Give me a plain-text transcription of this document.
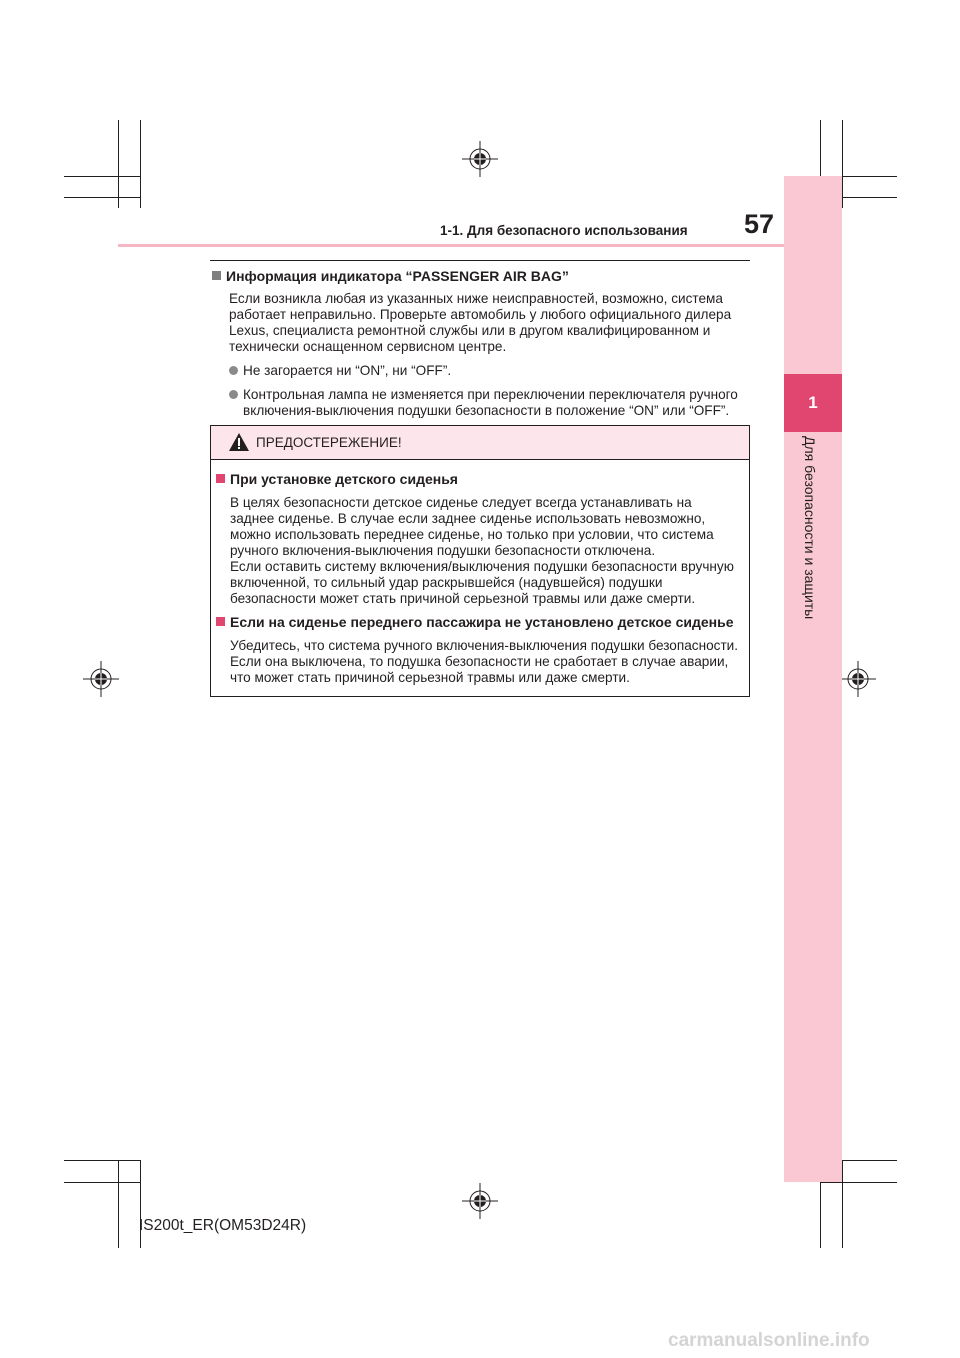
1
Для безопасности и защиты
1-1. Для безопасного использования 57
Информация индикатора “PASSENGER AIR BAG”
Если возникла любая из указанных ниже неисправностей, возможно, система
работает неправильно. Проверьте автомобиль у любого официального дилера
Lexus, специалиста ремонтной службы или в другом квалифицированном и
технически оснащенном сервисном центре.
Не загорается ни “ON”, ни “OFF”.
Контрольная лампа не изменяется при переключении переключателя ручного
включения-выключения подушки безопасности в положение “ON” или “OFF”.
ПРЕДОСТЕРЕЖЕНИЕ!
При установке детского сиденья
В целях безопасности детское сиденье следует всегда устанавливать на
заднее сиденье. В случае если заднее сиденье использовать невозможно,
можно использовать переднее сиденье, но только при условии, что система
ручного включения-выключения подушки безопасности отключена.
Если оставить систему включения/выключения подушки безопасности вручную
включенной, то сильный удар раскрывшейся (надувшейся) подушки
безопасности может стать причиной серьезной травмы или даже смерти.
Если на сиденье переднего пассажира не установлено детское сиденье
Убедитесь, что система ручного включения-выключения подушки безопасности.
Если она выключена, то подушка безопасности не сработает в случае аварии,
что может стать причиной серьезной травмы или даже смерти.
IS200t_ER(OM53D24R)
carmanualsonline.info
